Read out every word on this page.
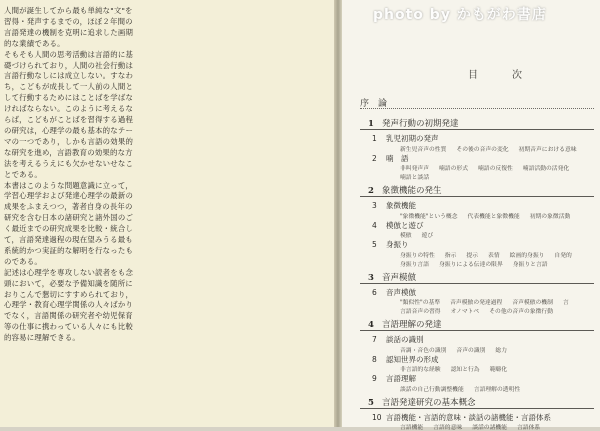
人間が誕生してから最も単純な"文"を
習得・発声するまでの，ほぼ２年間の
言語発達の機制を克明に追求した画期
的な業績である。
そもそも人間の思考活動は言語的に基
礎づけられており，人間の社会行動は
言語行動なしには成立しない。すなわ
ち，こどもが成長して一人前の人間と
して行動するためにはことばを学ばな
ければならない。このように考えるな
らば，こどもがことばを習得する過程
の研究は，心理学の最も基本的なテー
マの一つであり，しかも言語の効果的
な研究を進め，言語教育の効果的な方
法を考えるうえにも欠かせないせなこ
とである。
本書はこのような問題意識に立って，
学習心理学および発達心理学の最新の
成果をふまえつつ，著者自身の長年の
研究を含む日本の諸研究と諸外国のご
く最近までの研究成果を比較・統合し
て，言語発達過程の現在望みうる最も
系統的かつ実証的な解明を行なったも
のである。
記述は心理学を専攻しない読者をも念
頭において，必要な予備知識を随所に
おりこんで懇切にすすめられており，
心理学・教育心理学関係の人々ばかり
でなく，言語関係の研究者や幼児保育
等の仕事に携わっている人々にも比較
的容易に理解できる。
photo by かもがわ書店
目　次
序　論
1 発声行動の初期発達
1 乳児初期の発声
新生児音声の性質 その後の音声の変化 初期音声における意味
2 喃　語
非叫発声声 喃語の形式 喃語の反復性 喃語活動の活発化
喃語と談話
2 象徴機能の発生
3 象徴機能
"象徴機能"という概念 代表機能と象徴機能 初期の象徴活動
4 模倣と遊び
模倣 遊び
5 身振り
身振りの特性 指示 提示 表情 絵画的身振り 自発的
身振り言語 身振りによる伝達の限界 身振りと言語
3 音声模倣
6 音声模倣
"類似性"の基準 音声模倣の発達過程 音声模倣の機制 言
言語音声の習得 オノマトペ その他の音声の象徴行動
4 言語理解の発達
7 談話の識別
音調・音色の識別 音声の識別 総力
8 認知世界の形成
非言語的な経験 認知と行為 範疇化
9 言語理解
談話の自己行動調整機能 言語理解の透明性
5 言語発達研究の基本概念
10 言語機能・言語的意味・談話の諸機能・言語体系
言語機能 言語的意味 談話の諸機能 言語体系
